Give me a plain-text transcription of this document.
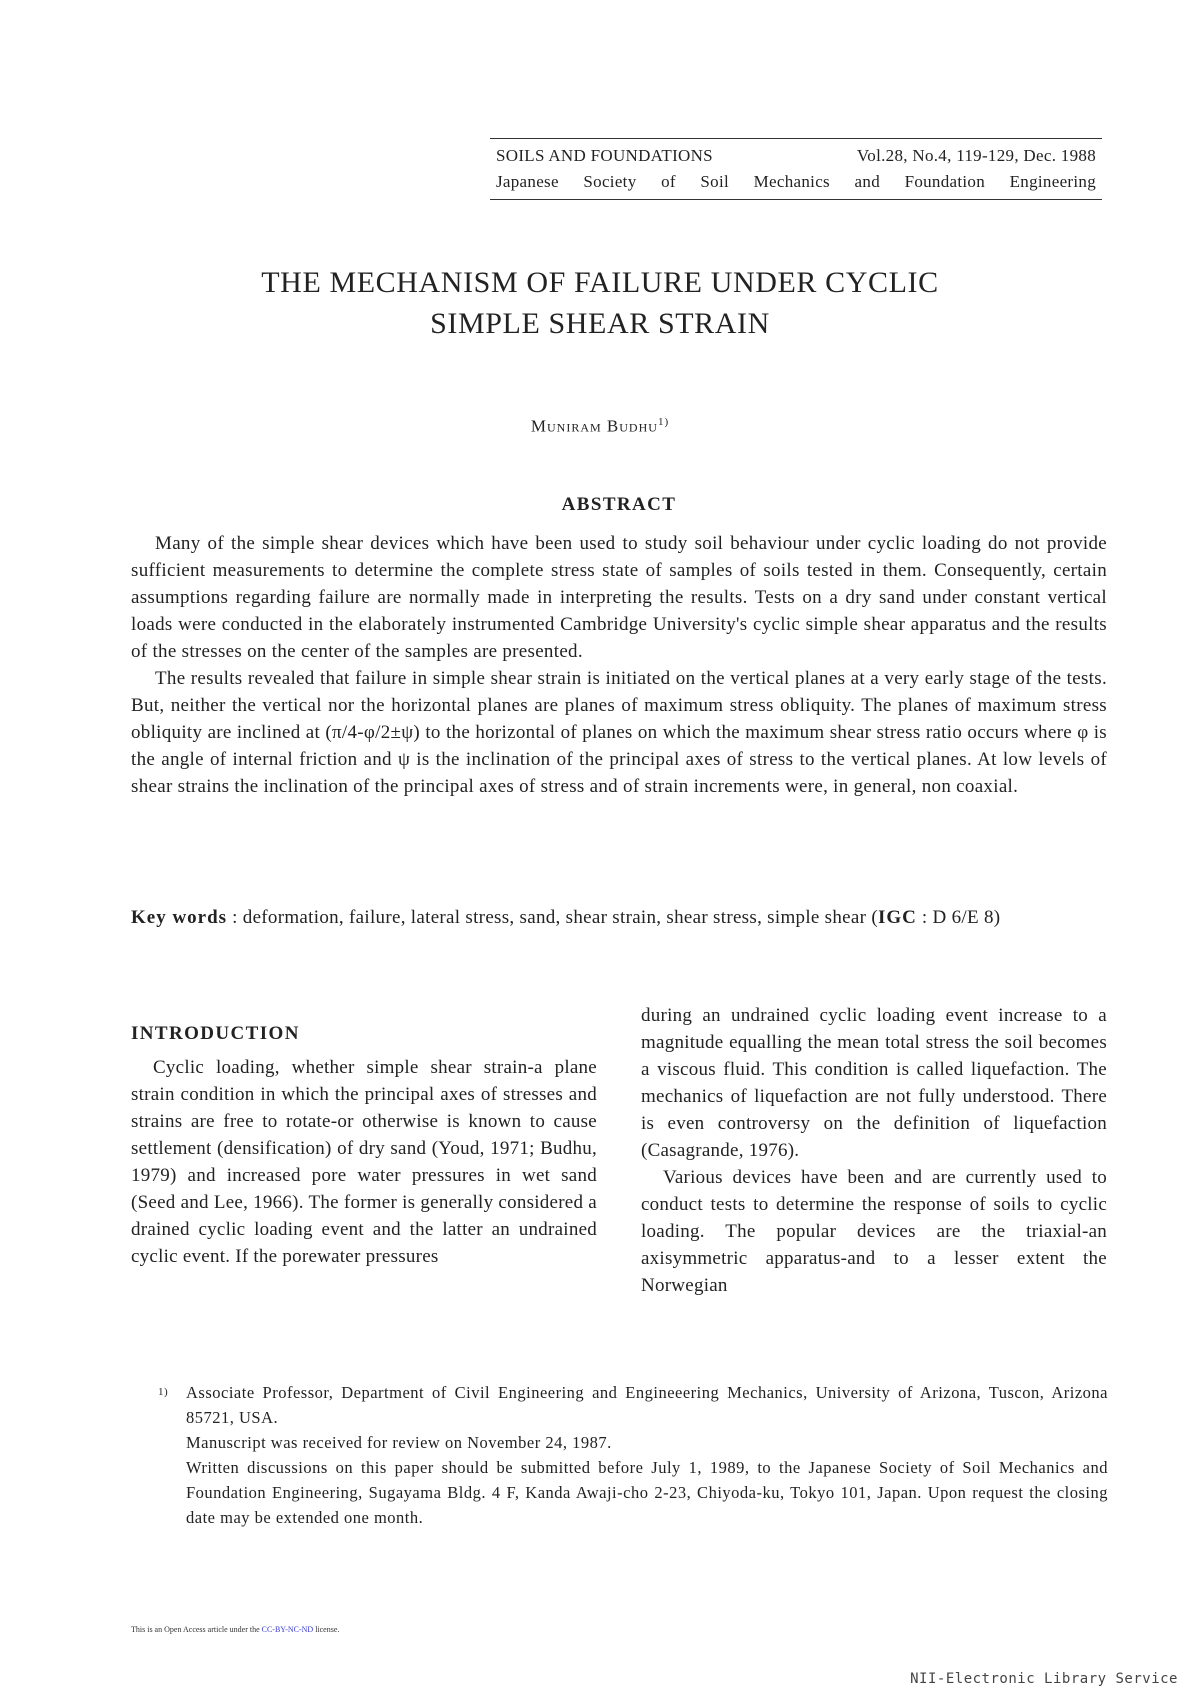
SOILS AND FOUNDATIONS	Vol.28, No.4, 119-129, Dec. 1988
Japanese Society of Soil Mechanics and Foundation Engineering
THE MECHANISM OF FAILURE UNDER CYCLIC
SIMPLE SHEAR STRAIN
Muniram Budhu$^{1)}$
ABSTRACT

Many of the simple shear devices which have been used to study soil behaviour under cyclic loading do not provide sufficient measurements to determine the complete stress state of samples of soils tested in them. Consequently, certain assumptions regarding failure are normally made in interpreting the results. Tests on a dry sand under constant vertical loads were conducted in the elaborately instrumented Cambridge University's cyclic simple shear apparatus and the results of the stresses on the center of the samples are presented.

The results revealed that failure in simple shear strain is initiated on the vertical planes at a very early stage of the tests. But, neither the vertical nor the horizontal planes are planes of maximum stress obliquity. The planes of maximum stress obliquity are inclined at (π/4-φ/2±ψ) to the horizontal of planes on which the maximum shear stress ratio occurs where φ is the angle of internal friction and ψ is the inclination of the principal axes of stress to the vertical planes. At low levels of shear strains the inclination of the principal axes of stress and of strain increments were, in general, non coaxial.

Key words : deformation, failure, lateral stress, sand, shear strain, shear stress, simple shear (IGC : D 6/E 8)

INTRODUCTION

Cyclic loading, whether simple shear strain-a plane strain condition in which the principal axes of stresses and strains are free to rotate-or otherwise is known to cause settlement (densification) of dry sand (Youd, 1971; Budhu, 1979) and increased pore water pressures in wet sand (Seed and Lee, 1966). The former is generally considered a drained cyclic loading event and the latter an undrained cyclic event. If the porewater pressures

during an undrained cyclic loading event increase to a magnitude equalling the mean total stress the soil becomes a viscous fluid. This condition is called liquefaction. The mechanics of liquefaction are not fully understood. There is even controversy on the definition of liquefaction (Casagrande, 1976).

Various devices have been and are currently used to conduct tests to determine the response of soils to cyclic loading. The popular devices are the triaxial-an axisymmetric apparatus-and to a lesser extent the Norwegian

1)	Associate Professor, Department of Civil Engineering and Engineeering Mechanics, University of Arizona, Tuscon, Arizona 85721, USA.

Manuscript was received for review on November 24, 1987.

Written discussions on this paper should be submitted before July 1, 1989, to the Japanese Society of Soil Mechanics and Foundation Engineering, Sugayama Bldg. 4 F, Kanda Awaji-cho 2-23, Chiyoda-ku, Tokyo 101, Japan. Upon request the closing date may be extended one month.

This is an Open Access article under the CC-BY-NC-ND license.
NII-Electronic Library Service
